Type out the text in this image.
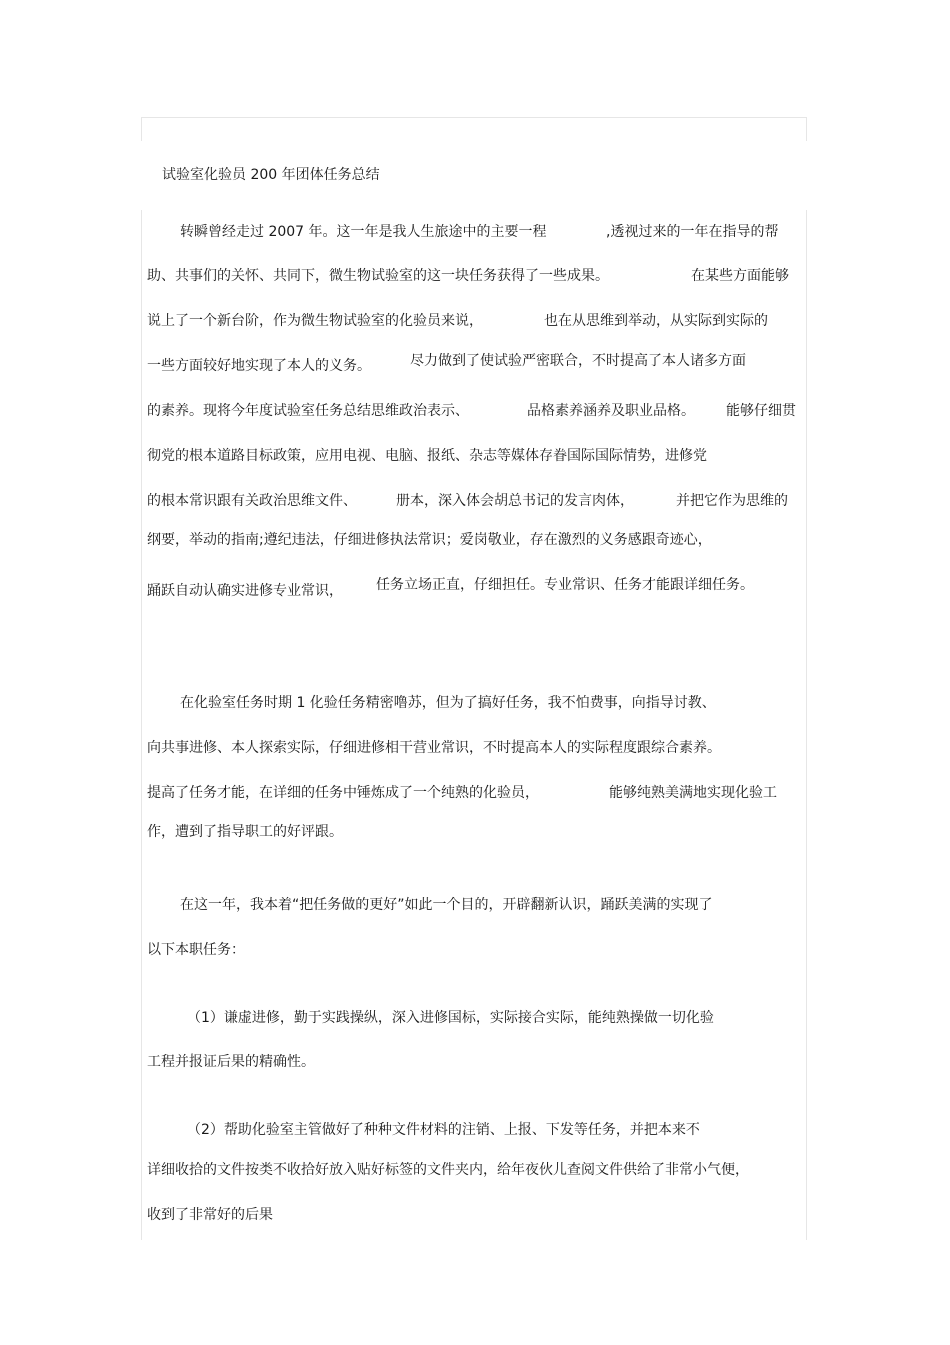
试验室化验员 200 年团体任务总结
转瞬曾经走过 2007 年。这一年是我人生旅途中的主要一程	,透视过来的一年在指导的帮
助、共事们的关怀、共同下，微生物试验室的这一块任务获得了一些成果。	在某些方面能够
说上了一个新台阶，作为微生物试验室的化验员来说，	也在从思维到举动，从实际到实际的
一些方面较好地实现了本人的义务。	尽力做到了使试验严密联合，不时提高了本人诸多方面
的素养。现将今年度试验室任务总结思维政治表示、	品格素养涵养及职业品格。 能够仔细贯
彻党的根本道路目标政策，应用电视、电脑、报纸、杂志等媒体存眷国际国际情势，进修党
的根本常识跟有关政治思维文件、	册本，深入体会胡总书记的发言肉体，	并把它作为思维的
纲要，举动的指南;遵纪违法，仔细进修执法常识；爱岗敬业，存在激烈的义务感跟奇迹心，
踊跃自动认确实进修专业常识， 任务立场正直，仔细担任。专业常识、任务才能跟详细任务。
在化验室任务时期 1 化验任务精密噜苏，但为了搞好任务，我不怕费事，向指导讨教、
向共事进修、本人探索实际，仔细进修相干营业常识，不时提高本人的实际程度跟综合素养。
提高了任务才能，在详细的任务中锤炼成了一个纯熟的化验员，	能够纯熟美满地实现化验工
作，遭到了指导职工的好评跟。
在这一年，我本着“把任务做的更好”如此一个目的，开辟翻新认识，踊跃美满的实现了
以下本职任务：
（1）谦虚进修，勤于实践操纵，深入进修国标，实际接合实际，能纯熟操做一切化验
工程并报证后果的精确性。
（2）帮助化验室主管做好了种种文件材料的注销、上报、下发等任务，并把本来不
详细收拾的文件按类不收拾好放入贴好标签的文件夹内，给年夜伙儿查阅文件供给了非常小气便，
收到了非常好的后果
